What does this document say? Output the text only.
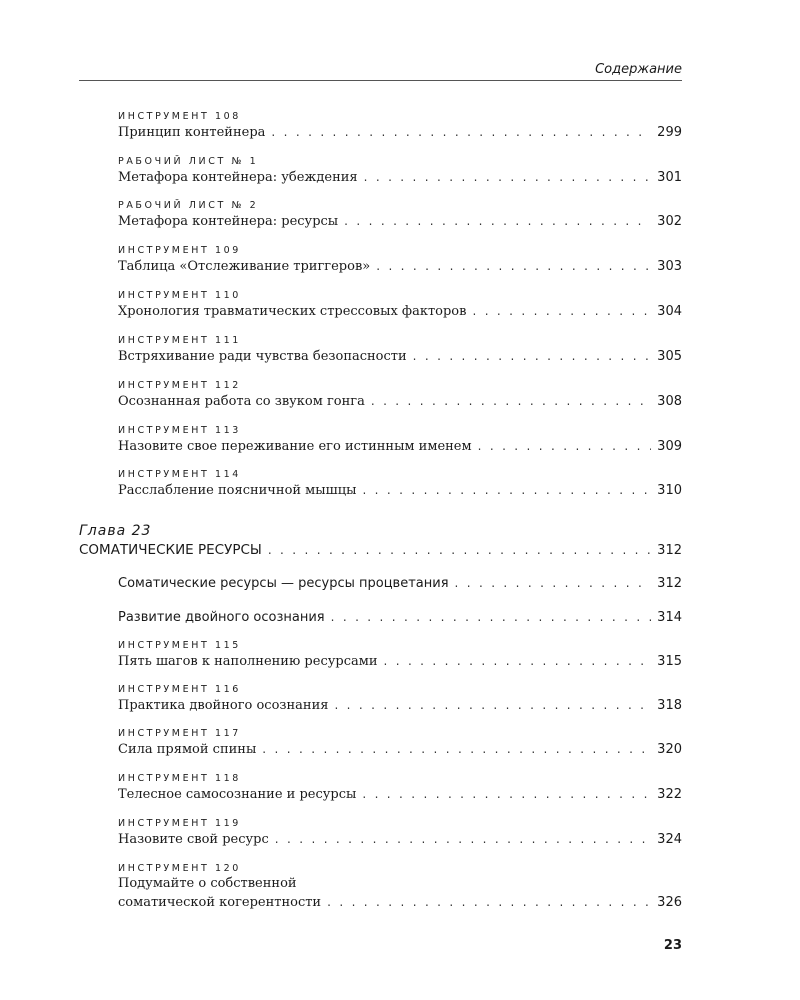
Содержание
ИНСТРУМЕНТ 108
Принцип контейнера . . .	299
РАБОЧИЙ ЛИСТ № 1
Метафора контейнера: убеждения . . .	301
РАБОЧИЙ ЛИСТ № 2
Метафора контейнера: ресурсы . . .	302
ИНСТРУМЕНТ 109
Таблица «Отслеживание триггеров» . . .	303
ИНСТРУМЕНТ 110
Хронология травматических стрессовых факторов . . .	304
ИНСТРУМЕНТ 111
Встряхивание ради чувства безопасности . . .	305
ИНСТРУМЕНТ 112
Осознанная работа со звуком гонга . . .	308
ИНСТРУМЕНТ 113
Назовите свое переживание его истинным именем . . .	309
ИНСТРУМЕНТ 114
Расслабление поясничной мышцы . . .	310
Глава 23
СОМАТИЧЕСКИЕ РЕСУРСЫ . . .	312
Соматические ресурсы — ресурсы процветания . . .	312
Развитие двойного осознания . . .	314
ИНСТРУМЕНТ 115
Пять шагов к наполнению ресурсами . . .	315
ИНСТРУМЕНТ 116
Практика двойного осознания . . .	318
ИНСТРУМЕНТ 117
Сила прямой спины . . .	320
ИНСТРУМЕНТ 118
Телесное самосознание и ресурсы . . .	322
ИНСТРУМЕНТ 119
Назовите свой ресурс . . .	324
ИНСТРУМЕНТ 120
Подумайте о собственной
соматической когерентности . . .	326
23
